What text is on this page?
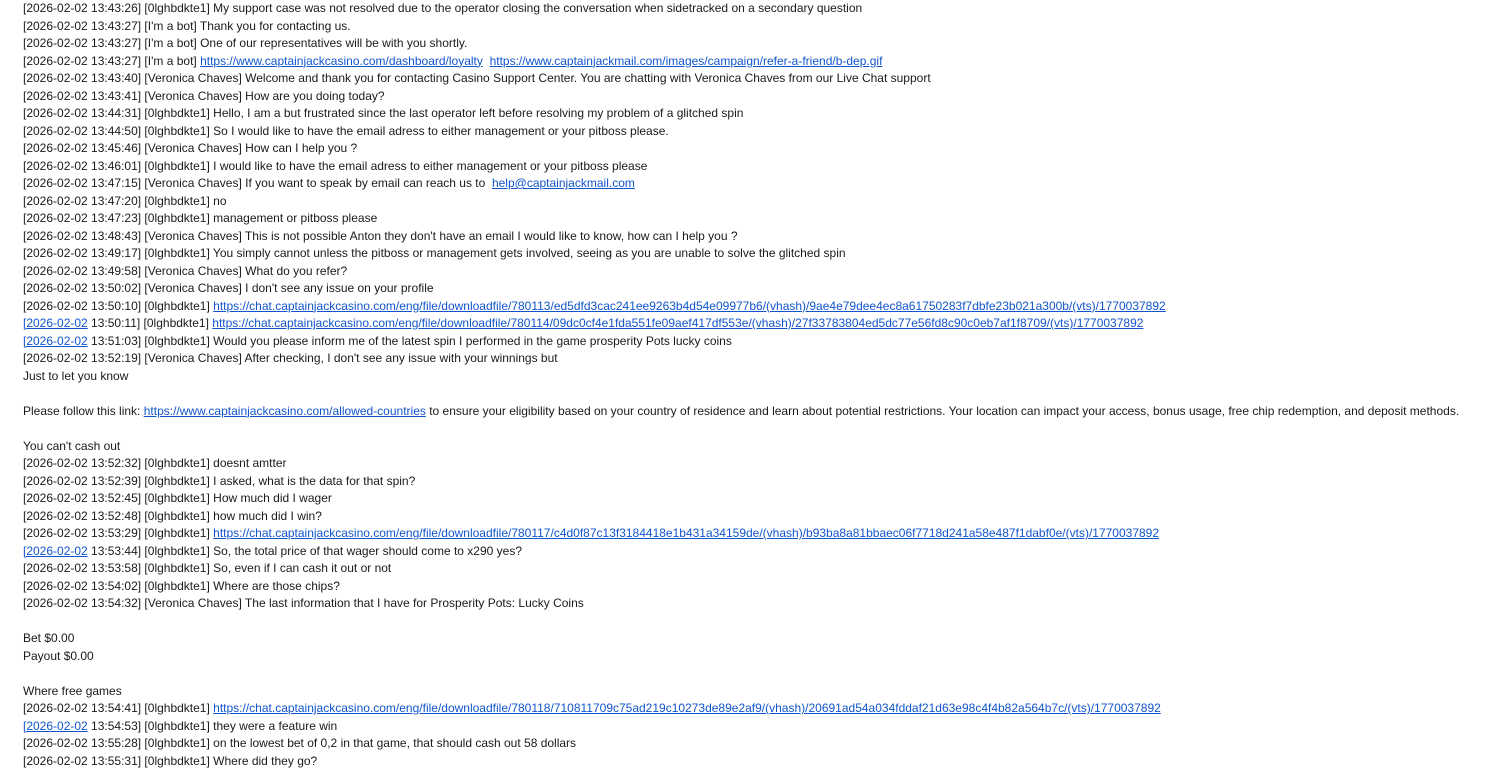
[2026-02-02 13:43:26] [0lghbdkte1] My support case was not resolved due to the operator closing the conversation when sidetracked on a secondary question
[2026-02-02 13:43:27] [I'm a bot] Thank you for contacting us.
[2026-02-02 13:43:27] [I'm a bot] One of our representatives will be with you shortly.
[2026-02-02 13:43:27] [I'm a bot] https://www.captainjackcasino.com/dashboard/loyalty https://www.captainjackmail.com/images/campaign/refer-a-friend/b-dep.gif
[2026-02-02 13:43:40] [Veronica Chaves] Welcome and thank you for contacting Casino Support Center. You are chatting with Veronica Chaves from our Live Chat support
[2026-02-02 13:43:41] [Veronica Chaves] How are you doing today?
[2026-02-02 13:44:31] [0lghbdkte1] Hello, I am a but frustrated since the last operator left before resolving my problem of a glitched spin
[2026-02-02 13:44:50] [0lghbdkte1] So I would like to have the email adress to either management or your pitboss please.
[2026-02-02 13:45:46] [Veronica Chaves] How can I help you ?
[2026-02-02 13:46:01] [0lghbdkte1] I would like to have the email adress to either management or your pitboss please
[2026-02-02 13:47:15] [Veronica Chaves] If you want to speak by email can reach us to  help@captainjackmail.com
[2026-02-02 13:47:20] [0lghbdkte1] no
[2026-02-02 13:47:23] [0lghbdkte1] management or pitboss please
[2026-02-02 13:48:43] [Veronica Chaves] This is not possible Anton they don't have an email I would like to know, how can I help you ?
[2026-02-02 13:49:17] [0lghbdkte1] You simply cannot unless the pitboss or management gets involved, seeing as you are unable to solve the glitched spin
[2026-02-02 13:49:58] [Veronica Chaves] What do you refer?
[2026-02-02 13:50:02] [Veronica Chaves] I don't see any issue on your profile
[2026-02-02 13:50:10] [0lghbdkte1] https://chat.captainjackcasino.com/eng/file/downloadfile/780113/ed5dfd3cac241ee9263b4d54e09977b6/(vhash)/9ae4e79dee4ec8a61750283f7dbfe23b021a300b/(vts)/1770037892
[2026-02-02 13:50:11] [0lghbdkte1] https://chat.captainjackcasino.com/eng/file/downloadfile/780114/09dc0cf4e1fda551fe09aef417df553e/(vhash)/27f33783804ed5dc77e56fd8c90c0eb7af1f8709/(vts)/1770037892
[2026-02-02 13:51:03] [0lghbdkte1] Would you please inform me of the latest spin I performed in the game prosperity Pots lucky coins
[2026-02-02 13:52:19] [Veronica Chaves] After checking, I don't see any issue with your winnings but
Just to let you know
Please follow this link: https://www.captainjackcasino.com/allowed-countries to ensure your eligibility based on your country of residence and learn about potential restrictions. Your location can impact your access, bonus usage, free chip redemption, and deposit methods.
You can't cash out
[2026-02-02 13:52:32] [0lghbdkte1] doesnt amtter
[2026-02-02 13:52:39] [0lghbdkte1] I asked, what is the data for that spin?
[2026-02-02 13:52:45] [0lghbdkte1] How much did I wager
[2026-02-02 13:52:48] [0lghbdkte1] how much did I win?
[2026-02-02 13:53:29] [0lghbdkte1] https://chat.captainjackcasino.com/eng/file/downloadfile/780117/c4d0f87c13f3184418e1b431a34159de/(vhash)/b93ba8a81bbaec06f7718d241a58e487f1dabf0e/(vts)/1770037892
[2026-02-02 13:53:44] [0lghbdkte1] So, the total price of that wager should come to x290 yes?
[2026-02-02 13:53:58] [0lghbdkte1] So, even if I can cash it out or not
[2026-02-02 13:54:02] [0lghbdkte1] Where are those chips?
[2026-02-02 13:54:32] [Veronica Chaves] The last information that I have for Prosperity Pots: Lucky Coins
Bet $0.00
Payout $0.00
Where free games
[2026-02-02 13:54:41] [0lghbdkte1] https://chat.captainjackcasino.com/eng/file/downloadfile/780118/710811709c75ad219c10273de89e2af9/(vhash)/20691ad54a034fddaf21d63e98c4f4b82a564b7c/(vts)/1770037892
[2026-02-02 13:54:53] [0lghbdkte1] they were a feature win
[2026-02-02 13:55:28] [0lghbdkte1] on the lowest bet of 0,2 in that game, that should cash out 58 dollars
[2026-02-02 13:55:31] [0lghbdkte1] Where did they go?
